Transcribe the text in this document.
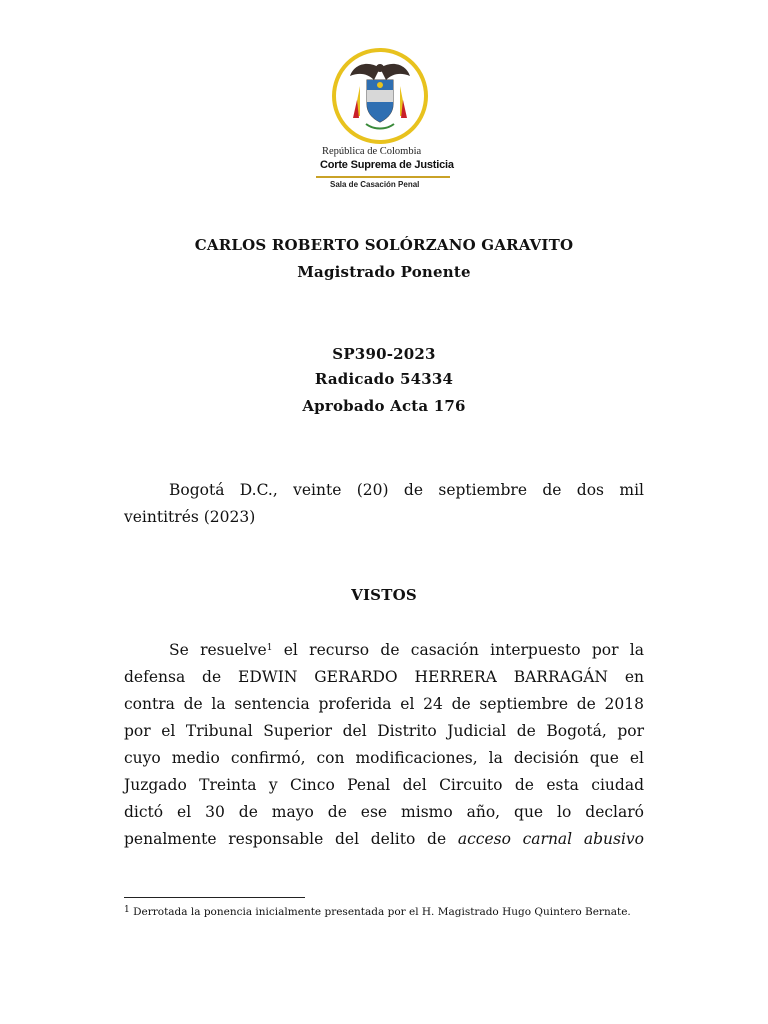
República de Colombia
Corte Suprema de Justicia
Sala de Casación Penal
CARLOS ROBERTO SOLÓRZANO GARAVITO
Magistrado Ponente
SP390-2023
Radicado 54334
Aprobado Acta 176
Bogotá D.C., veinte (20) de septiembre de dos mil
veintitrés (2023)
VISTOS
Se resuelve$^1$ el recurso de casación interpuesto por la
defensa de EDWIN GERARDO HERRERA BARRAGÁN en
contra de la sentencia proferida el 24 de septiembre de 2018
por el Tribunal Superior del Distrito Judicial de Bogotá, por
cuyo medio confirmó, con modificaciones, la decisión que el
Juzgado Treinta y Cinco Penal del Circuito de esta ciudad
dictó el 30 de mayo de ese mismo año, que lo declaró
penalmente responsable del delito de acceso carnal abusivo
$^1$ Derrotada la ponencia inicialmente presentada por el H. Magistrado Hugo Quintero Bernate.
